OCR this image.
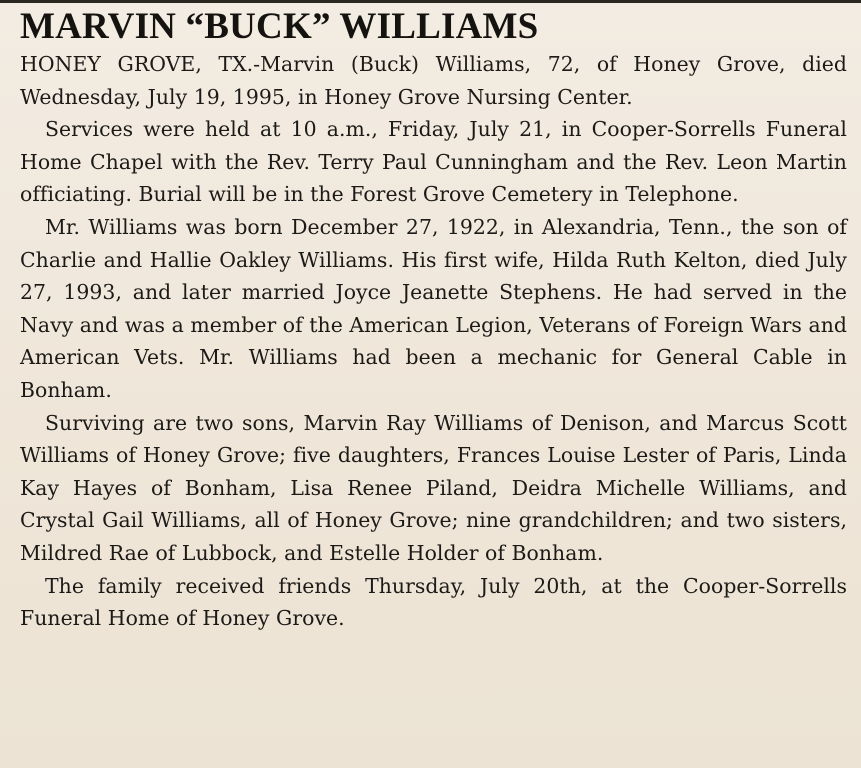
MARVIN “BUCK” WILLIAMS

HONEY GROVE, TX.-Marvin (Buck) Williams, 72, of Honey Grove, died Wednesday, July 19, 1995, in Honey Grove Nursing Center.

Services were held at 10 a.m., Friday, July 21, in Cooper-Sorrells Funeral Home Chapel with the Rev. Terry Paul Cunningham and the Rev. Leon Martin officiating. Burial will be in the Forest Grove Cemetery in Telephone.

Mr. Williams was born December 27, 1922, in Alexandria, Tenn., the son of Charlie and Hallie Oakley Williams. His first wife, Hilda Ruth Kelton, died July 27, 1993, and later married Joyce Jeanette Stephens. He had served in the Navy and was a member of the American Legion, Veterans of Foreign Wars and American Vets. Mr. Williams had been a mechanic for General Cable in Bonham.

Surviving are two sons, Marvin Ray Williams of Denison, and Marcus Scott Williams of Honey Grove; five daughters, Frances Louise Lester of Paris, Linda Kay Hayes of Bonham, Lisa Renee Piland, Deidra Michelle Williams, and Crystal Gail Williams, all of Honey Grove; nine grandchildren; and two sisters, Mildred Rae of Lubbock, and Estelle Holder of Bonham.

The family received friends Thursday, July 20th, at the Cooper-Sorrells Funeral Home of Honey Grove.
